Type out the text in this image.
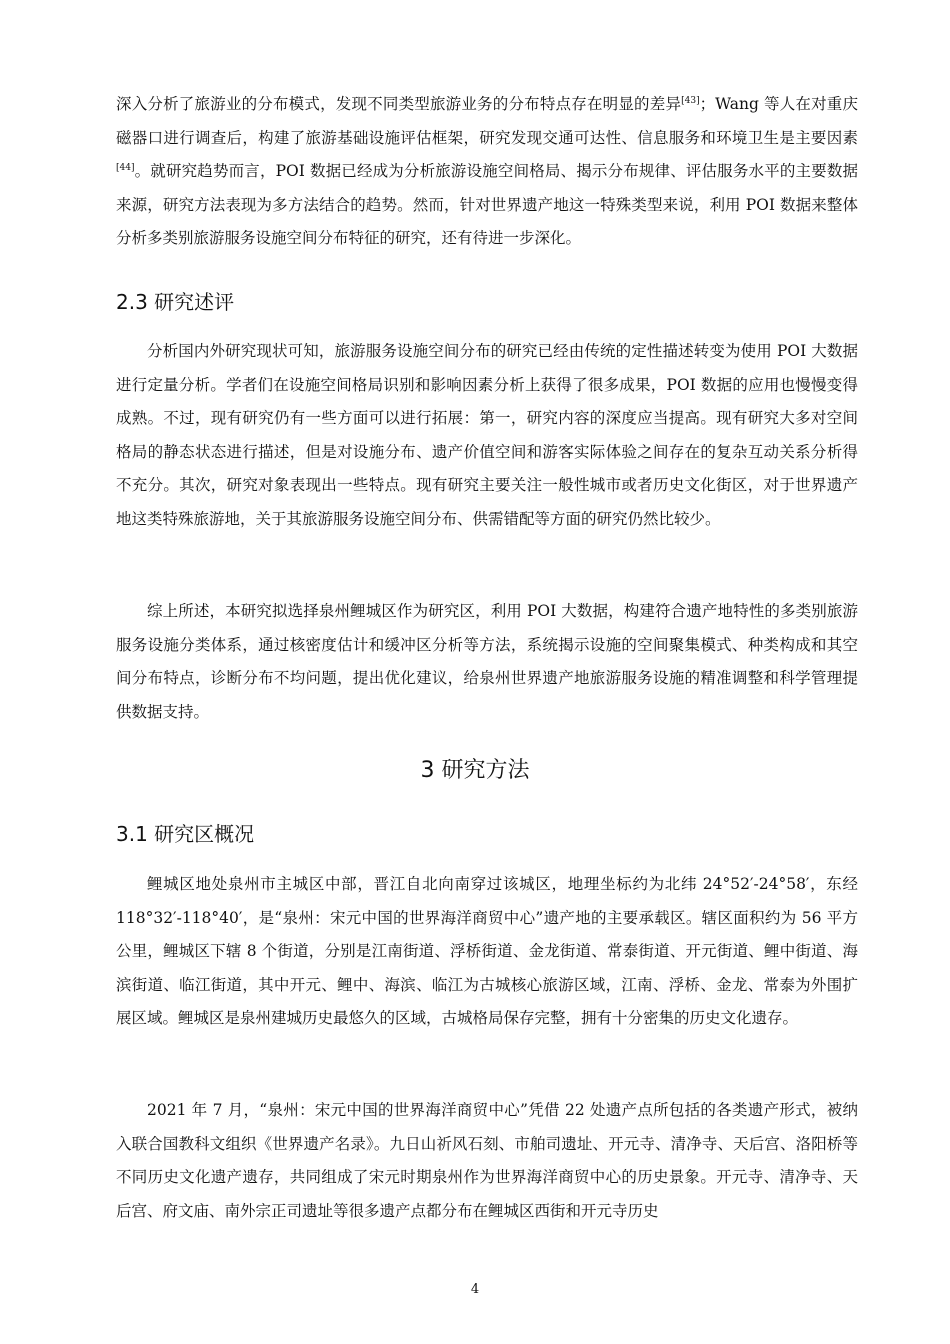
深入分析了旅游业的分布模式，发现不同类型旅游业务的分布特点存在明显的差异[43]；Wang 等人在对重庆磁器口进行调查后，构建了旅游基础设施评估框架，研究发现交通可达性、信息服务和环境卫生是主要因素[44]。就研究趋势而言，POI 数据已经成为分析旅游设施空间格局、揭示分布规律、评估服务水平的主要数据来源，研究方法表现为多方法结合的趋势。然而，针对世界遗产地这一特殊类型来说，利用 POI 数据来整体分析多类别旅游服务设施空间分布特征的研究，还有待进一步深化。

2.3 研究述评

分析国内外研究现状可知，旅游服务设施空间分布的研究已经由传统的定性描述转变为使用 POI 大数据进行定量分析。学者们在设施空间格局识别和影响因素分析上获得了很多成果，POI 数据的应用也慢慢变得成熟。不过，现有研究仍有一些方面可以进行拓展：第一，研究内容的深度应当提高。现有研究大多对空间格局的静态状态进行描述，但是对设施分布、遗产价值空间和游客实际体验之间存在的复杂互动关系分析得不充分。其次，研究对象表现出一些特点。现有研究主要关注一般性城市或者历史文化街区，对于世界遗产地这类特殊旅游地，关于其旅游服务设施空间分布、供需错配等方面的研究仍然比较少。

综上所述，本研究拟选择泉州鲤城区作为研究区，利用 POI 大数据，构建符合遗产地特性的多类别旅游服务设施分类体系，通过核密度估计和缓冲区分析等方法，系统揭示设施的空间聚集模式、种类构成和其空间分布特点，诊断分布不均问题，提出优化建议，给泉州世界遗产地旅游服务设施的精准调整和科学管理提供数据支持。

3 研究方法
3.1 研究区概况

鲤城区地处泉州市主城区中部，晋江自北向南穿过该城区，地理坐标约为北纬 24°52′-24°58′，东经 118°32′-118°40′，是“泉州：宋元中国的世界海洋商贸中心”遗产地的主要承载区。辖区面积约为 56 平方公里，鲤城区下辖 8 个街道，分别是江南街道、浮桥街道、金龙街道、常泰街道、开元街道、鲤中街道、海滨街道、临江街道，其中开元、鲤中、海滨、临江为古城核心旅游区域，江南、浮桥、金龙、常泰为外围扩展区域。鲤城区是泉州建城历史最悠久的区域，古城格局保存完整，拥有十分密集的历史文化遗存。

2021 年 7 月，“泉州：宋元中国的世界海洋商贸中心”凭借 22 处遗产点所包括的各类遗产形式，被纳入联合国教科文组织《世界遗产名录》。九日山祈风石刻、市舶司遗址、开元寺、清净寺、天后宫、洛阳桥等不同历史文化遗产遗存，共同组成了宋元时期泉州作为世界海洋商贸中心的历史景象。开元寺、清净寺、天后宫、府文庙、南外宗正司遗址等很多遗产点都分布在鲤城区西街和开元寺历史

4
